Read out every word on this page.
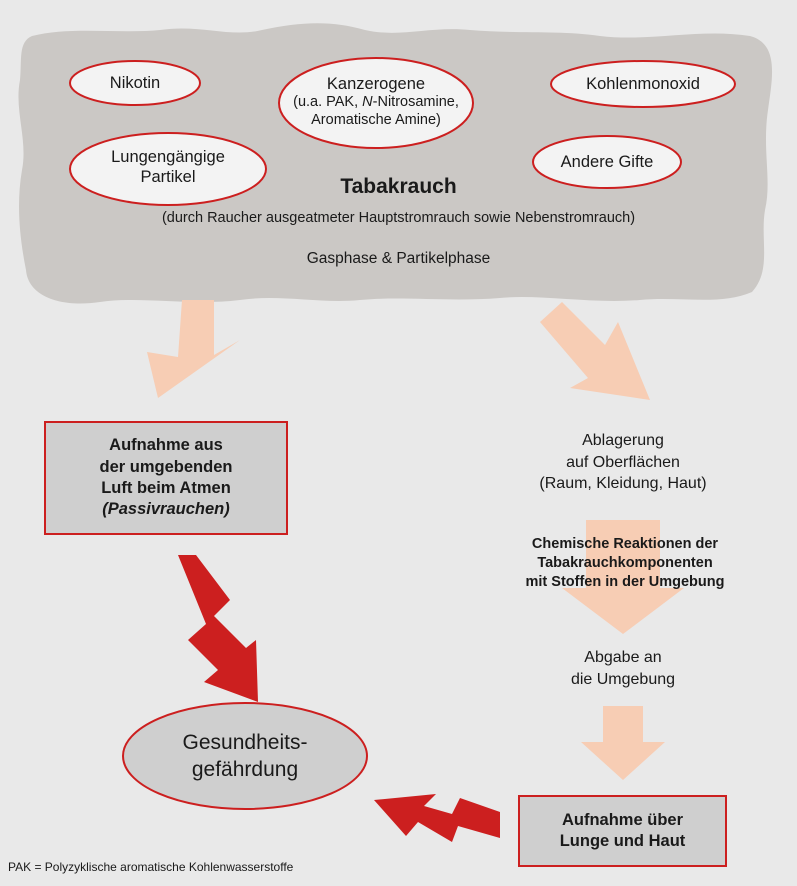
Nikotin	Kanzerogene
(u.a. PAK, N-Nitrosamine,
Aromatische Amine)
Kohlenmonoxid
Lungengängige
Partikel
Andere Gifte
Tabakrauch
(durch Raucher ausgeatmeter Hauptstromrauch sowie Nebenstromrauch)
Gasphase & Partikelphase
Aufnahme aus
der umgebenden
Luft beim Atmen
(Passivrauchen)
Ablagerung
auf Oberflächen
(Raum, Kleidung, Haut)
Chemische Reaktionen der
Tabakrauchkomponenten
mit Stoffen in der Umgebung
Abgabe an
die Umgebung
Aufnahme über
Lunge und Haut
Gesundheits-
gefährdung
PAK = Polyzyklische aromatische Kohlenwasserstoffe
